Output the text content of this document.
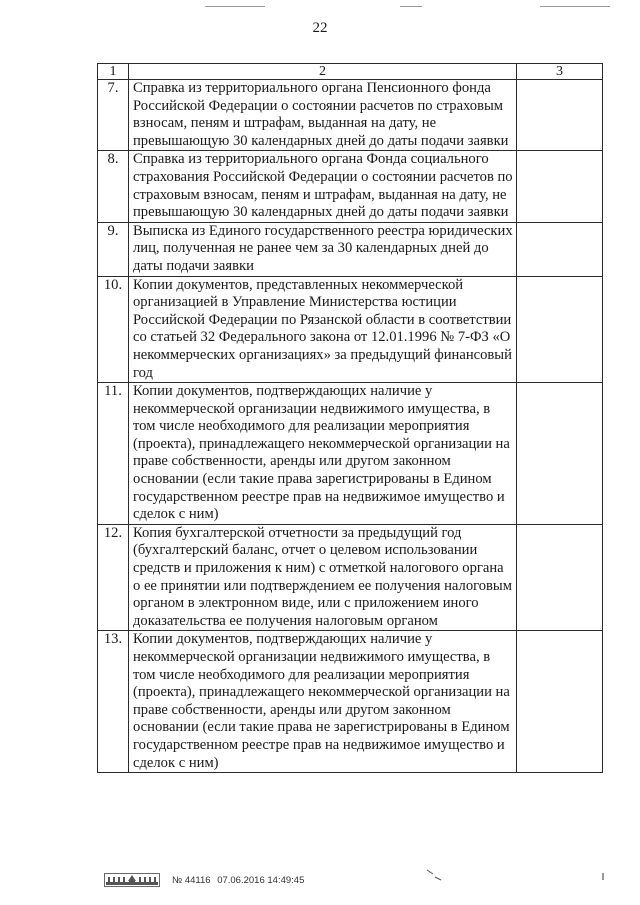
22
1	2	3
7.	Справка из территориального органа Пенсионного фонда Российской Федерации о состоянии расчетов по страховым взносам, пеням и штрафам, выданная на дату, не превышающую 30 календарных дней до даты подачи заявки	
8.	Справка из территориального органа Фонда социального страхования Российской Федерации о состоянии расчетов по страховым взносам, пеням и штрафам, выданная на дату, не превышающую 30 календарных дней до даты подачи заявки	
9.	Выписка из Единого государственного реестра юридических лиц, полученная не ранее чем за 30 календарных дней до даты подачи заявки	
10.	Копии документов, представленных некоммерческой организацией в Управление Министерства юстиции Российской Федерации по Рязанской области в соответствии со статьей 32 Федерального закона от 12.01.1996 № 7-ФЗ «О некоммерческих организациях» за предыдущий финансовый год	
11.	Копии документов, подтверждающих наличие у некоммерческой организации недвижимого имущества, в том числе необходимого для реализации мероприятия (проекта), принадлежащего некоммерческой организации на праве собственности, аренды или другом законном основании (если такие права зарегистрированы в Едином государственном реестре прав на недвижимое имущество и сделок с ним)	
12.	Копия бухгалтерской отчетности за предыдущий год (бухгалтерский баланс, отчет о целевом использовании средств и приложения к ним) с отметкой налогового органа о ее принятии или подтверждением ее получения налоговым органом в электронном виде, или с приложением иного доказательства ее получения налоговым органом	
13.	Копии документов, подтверждающих наличие у некоммерческой организации недвижимого имущества, в том числе необходимого для реализации мероприятия (проекта), принадлежащего некоммерческой организации на праве собственности, аренды или другом законном основании (если такие права не зарегистрированы в Едином государственном реестре прав на недвижимое имущество и сделок с ним)	
№ 44116 07.06.2016 14:49:45
